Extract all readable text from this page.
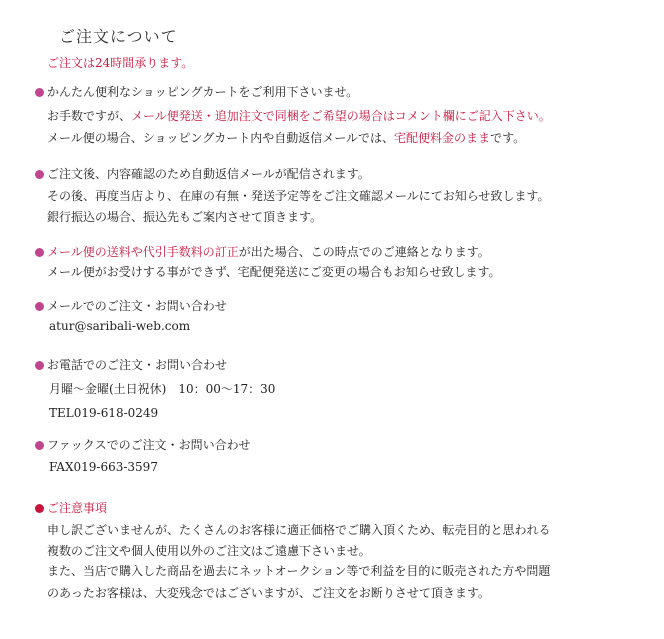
ご注文について
ご注文は24時間承ります。
かんたん便利なショッピングカートをご利用下さいませ。
お手数ですが、メール便発送・追加注文で同梱をご希望の場合はコメント欄にご記入下さい。
メール便の場合、ショッピングカート内や自動返信メールでは、宅配便料金のままです。
ご注文後、内容確認のため自動返信メールが配信されます。
その後、再度当店より、在庫の有無・発送予定等をご注文確認メールにてお知らせ致します。
銀行振込の場合、振込先もご案内させて頂きます。
メール便の送料や代引手数料の訂正が出た場合、この時点でのご連絡となります。
メール便がお受けする事ができず、宅配便発送にご変更の場合もお知らせ致します。
メールでのご注文・お問い合わせ
atur@saribali-web.com
お電話でのご注文・お問い合わせ
月曜〜金曜(土日祝休)　10：00〜17：30
TEL019-618-0249
ファックスでのご注文・お問い合わせ
FAX019-663-3597
ご注意事項
申し訳ございませんが、たくさんのお客様に適正価格でご購入頂くため、転売目的と思われる
複数のご注文や個人使用以外のご注文はご遠慮下さいませ。
また、当店で購入した商品を過去にネットオークション等で利益を目的に販売された方や問題
のあったお客様は、大変残念ではございますが、ご注文をお断りさせて頂きます。
